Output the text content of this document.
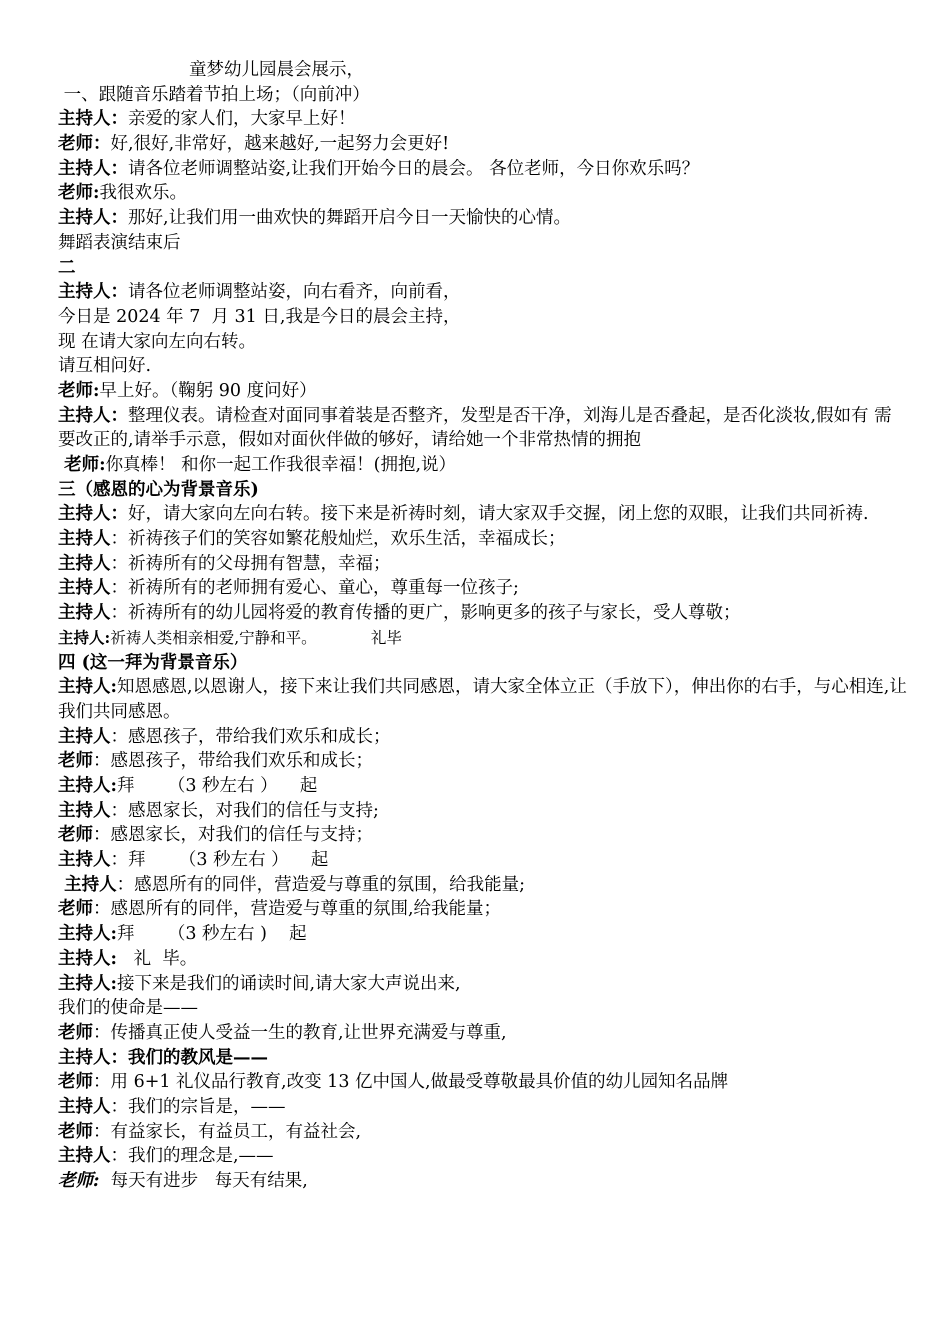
童梦幼儿园晨会展示，
一、跟随音乐踏着节拍上场；（向前冲）
主持人：亲爱的家人们，大家早上好！
老师：好,很好,非常好，越来越好,一起努力会更好!
主持人：请各位老师调整站姿,让我们开始今日的晨会。 各位老师，今日你欢乐吗？
老师:我很欢乐。
主持人：那好,让我们用一曲欢快的舞蹈开启今日一天愉快的心情。
舞蹈表演结束后
二
主持人：请各位老师调整站姿，向右看齐，向前看，
今日是 2024 年 7  月 31 日,我是今日的晨会主持，
现 在请大家向左向右转。
请互相问好.
老师:早上好。（鞠躬 90 度问好）
主持人：整理仪表。请检查对面同事着装是否整齐，发型是否干净，刘海儿是否叠起，是否化淡妆,假如有 需要改正的,请举手示意，假如对面伙伴做的够好，请给她一个非常热情的拥抱
老师:你真棒！ 和你一起工作我很幸福！(拥抱,说）
三（感恩的心为背景音乐)
主持人：好，请大家向左向右转。接下来是祈祷时刻，请大家双手交握，闭上您的双眼，让我们共同祈祷.
主持人：祈祷孩子们的笑容如繁花般灿烂，欢乐生活，幸福成长；
主持人：祈祷所有的父母拥有智慧，幸福；
主持人：祈祷所有的老师拥有爱心、童心，尊重每一位孩子;
主持人：祈祷所有的幼儿园将爱的教育传播的更广，影响更多的孩子与家长，受人尊敬；
主持人:祈祷人类相亲相爱,宁静和平。           礼毕
四 (这一拜为背景音乐）
主持人:知恩感恩,以恩谢人，接下来让我们共同感恩，请大家全体立正（手放下），伸出你的右手，与心相连,让我们共同感恩。
主持人：感恩孩子，带给我们欢乐和成长；
老师：感恩孩子，带给我们欢乐和成长；
主持人:拜      （3 秒左右 ）    起
主持人：感恩家长，对我们的信任与支持;
老师：感恩家长，对我们的信任与支持；
主持人：拜      （3 秒左右 ）    起
主持人：感恩所有的同伴，营造爱与尊重的氛围，给我能量;
老师：感恩所有的同伴，营造爱与尊重的氛围,给我能量；
主持人:拜      （3 秒左右 )    起
主持人:   礼  毕。
主持人:接下来是我们的诵读时间,请大家大声说出来,
我们的使命是——
老师：传播真正使人受益一生的教育,让世界充满爱与尊重,
主持人：我们的教风是——
老师：用 6+1 礼仪品行教育,改变 13 亿中国人,做最受尊敬最具价值的幼儿园知名品牌
主持人：我们的宗旨是，——
老师：有益家长，有益员工，有益社会,
主持人：我们的理念是,——
老师:  每天有进步   每天有结果,
